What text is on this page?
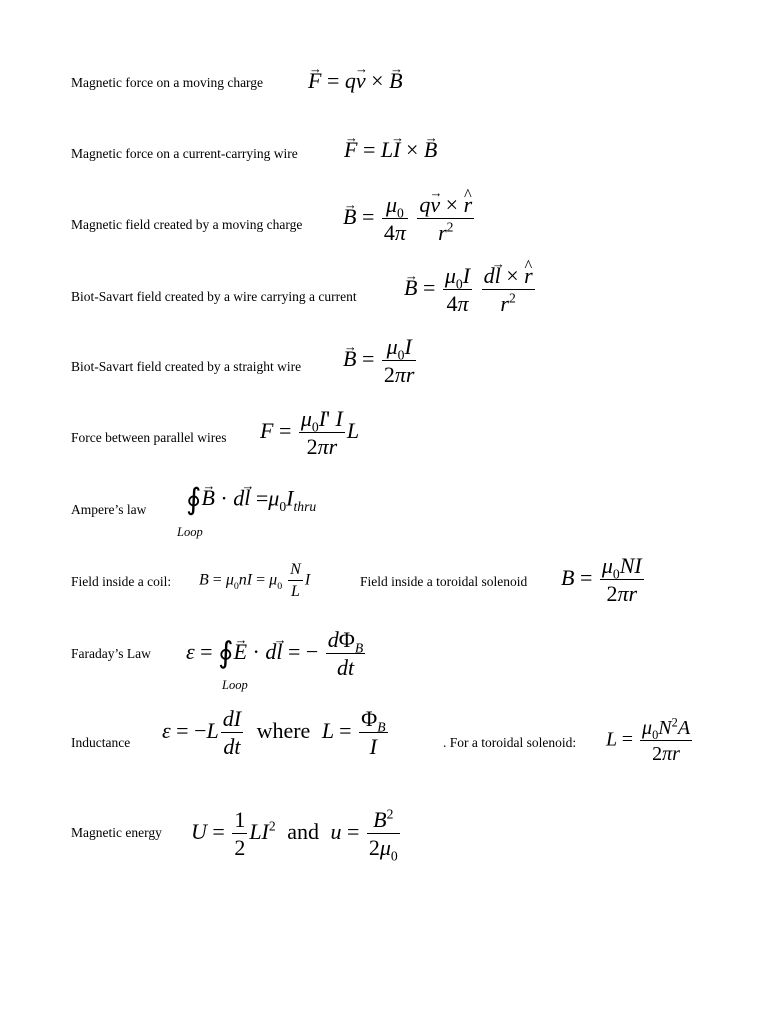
Magnetic force on a moving charge → F = q→ v × → B
Magnetic force on a current-carrying wire → F = L→ I × → B
Magnetic field created by a moving charge → $B = \frac{\mu_0}{4\pi}$
$\frac{q\to v \times \^{} r}{r^2}$
Biot-Savart field created by a wire carrying a current → $B = \frac{\mu_0I}{4\pi}$
$\frac{d\to l \times \^{} r}{r^2}$
Biot-Savart field created by a straight wire → $B = \frac{\mu_0I}{2\pi r}$
Force between parallel wires $F = \frac{\mu_0I' I}{2\pi r}$ L
Ampere’s law ∮→ $B \cdot d\to l =\mu_0I_{thru}$
Loop
Field inside a coil: $B = \mu_0nI = \mu_0 \frac{N}{L}$ I	Field inside a toroidal solenoid $B = \frac{\mu_0NI}{2\pi r}$
Faraday’s Law ε = ∮→ E · d→ l = − $\frac{d\Phi_B}{dt}$
Loop
Inductance $\varepsilon = -L \frac{dI}{dt}$ where $L = \frac{\Phi_B}{I}$	. For a toroidal solenoid: $L = \frac{\mu_0N^2A}{2\pi r}$
Magnetic energy $U = \frac{1}{2} LI^2$ and $u = \frac{B^2}{2\mu_0}$
